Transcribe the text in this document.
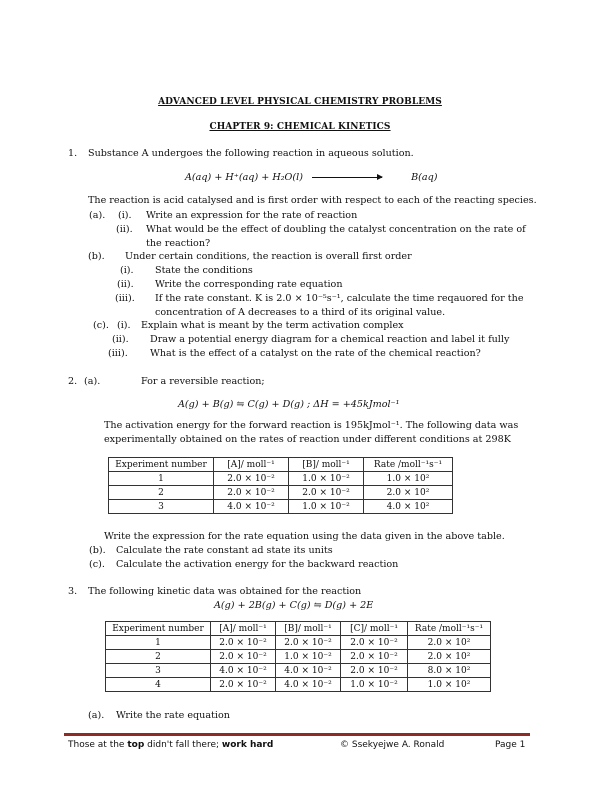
ADVANCED LEVEL PHYSICAL CHEMISTRY PROBLEMS
CHAPTER 9: CHEMICAL KINETICS
1. Substance A undergoes the following reaction in aqueous solution.
A(aq) + H⁺(aq) + H₂O(l)	B(aq)
The reaction is acid catalysed and is first order with respect to each of the reacting species.
(a). (i). Write an expression for the rate of reaction
(ii). What would be the effect of doubling the catalyst concentration on the rate of
the reaction?
(b). Under certain conditions, the reaction is overall first order
(i). State the conditions
(ii). Write the corresponding rate equation
(iii). If the rate constant. K is 2.0 × 10⁻⁵s⁻¹, calculate the time reqauored for the
concentration of A decreases to a third of its original value.
(c). (i). Explain what is meant by the term activation complex
(ii). Draw a potential energy diagram for a chemical reaction and label it fully
(iii). What is the effect of a catalyst on the rate of the chemical reaction?
2. (a).	For a reversible reaction;
A(g) + B(g) ⇋ C(g) + D(g) ; ΔH = +45kJmol⁻¹
The activation energy for the forward reaction is 195kJmol⁻¹. The following data was
experimentally obtained on the rates of reaction under different conditions at 298K
Experiment number	[A]/ moll⁻¹	[B]/ moll⁻¹	Rate /moll⁻¹s⁻¹
1	2.0 × 10⁻²	1.0 × 10⁻²	1.0 × 10²
2	2.0 × 10⁻²	2.0 × 10⁻²	2.0 × 10²
3	4.0 × 10⁻²	1.0 × 10⁻²	4.0 × 10²
Write the expression for the rate equation using the data given in the above table.
(b). Calculate the rate constant ad state its units
(c). Calculate the activation energy for the backward reaction
3. The following kinetic data was obtained for the reaction
A(g) + 2B(g) + C(g) ⇋ D(g) + 2E
Experiment number	[A]/ moll⁻¹	[B]/ moll⁻¹	[C]/ moll⁻¹	Rate /moll⁻¹s⁻¹
1	2.0 × 10⁻²	2.0 × 10⁻²	2.0 × 10⁻²	2.0 × 10²
2	2.0 × 10⁻²	1.0 × 10⁻²	2.0 × 10⁻²	2.0 × 10²
3	4.0 × 10⁻²	4.0 × 10⁻²	2.0 × 10⁻²	8.0 × 10²
4	2.0 × 10⁻²	4.0 × 10⁻²	1.0 × 10⁻²	1.0 × 10²
(a). Write the rate equation
Those at the top didn't fall there; work hard	© Ssekyejwe A. Ronald	Page 1
